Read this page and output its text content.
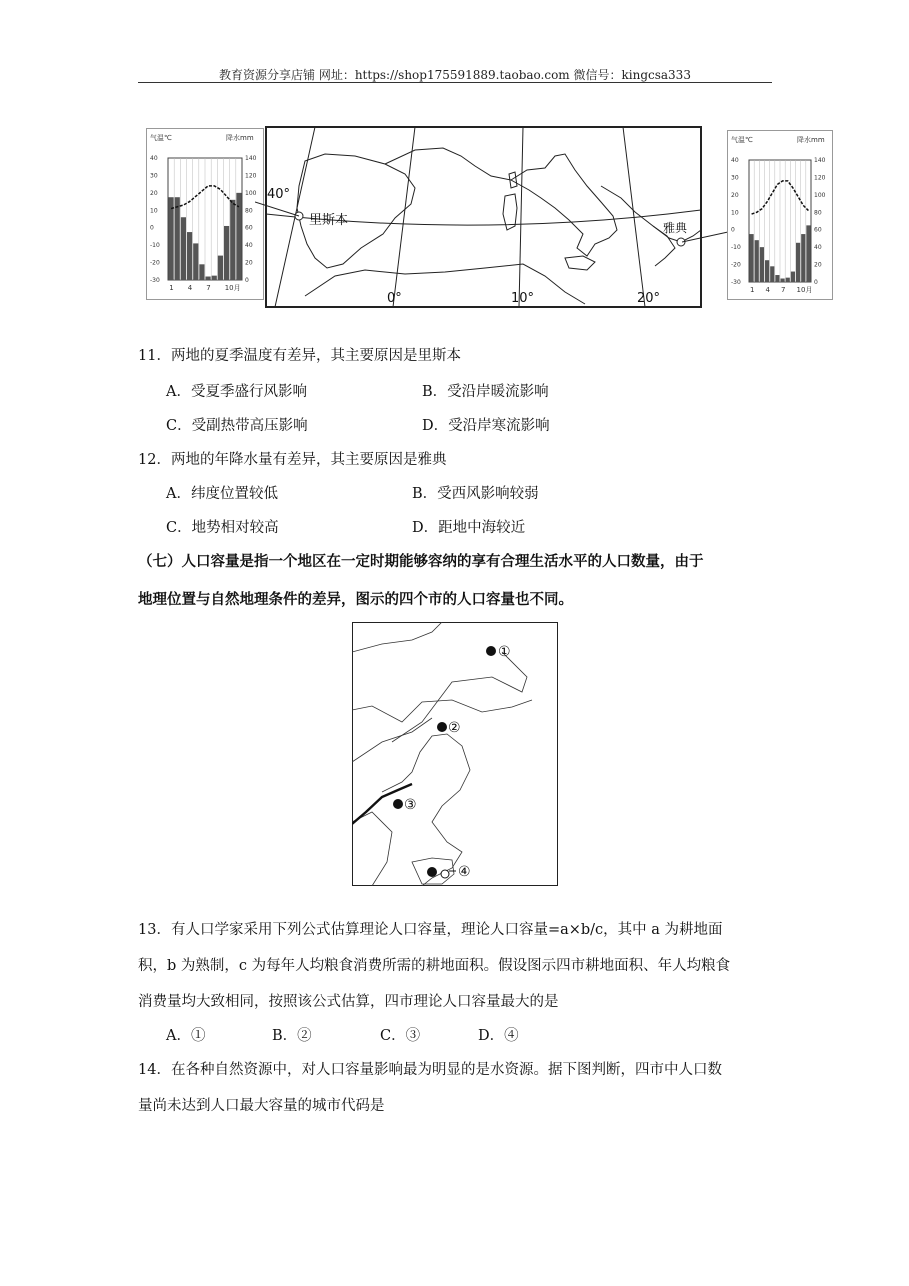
教育资源分享店铺 网址：https://shop175591889.taobao.com 微信号：kingcsa333
气温℃	降水mm
40
30
20
10
0
-10
-20
-30
140
120
100
80
60
40
20
0
1 4 7 10月
40°
里斯本	雅典
0°	10°	20°
气温℃	降水mm
40
30
20
10
0
-10
-20
-30
140
120
100
80
60
40
20
0
1 4 7 10月
11．两地的夏季温度有差异，其主要原因是里斯本
A．受夏季盛行风影响	B．受沿岸暖流影响
C．受副热带高压影响	D．受沿岸寒流影响
12．两地的年降水量有差异，其主要原因是雅典
A．纬度位置较低	B．受西风影响较弱
C．地势相对较高	D．距地中海较近
（七）人口容量是指一个地区在一定时期能够容纳的享有合理生活水平的人口数量，由于
地理位置与自然地理条件的差异，图示的四个市的人口容量也不同。
①
②
③
④
13．有人口学家采用下列公式估算理论人口容量，理论人口容量=a×b/c，其中 a 为耕地面
积，b 为熟制，c 为每年人均粮食消费所需的耕地面积。假设图示四市耕地面积、年人均粮食
消费量均大致相同，按照该公式估算，四市理论人口容量最大的是
A．①	B．②	C．③	D．④
14．在各种自然资源中，对人口容量影响最为明显的是水资源。据下图判断，四市中人口数
量尚未达到人口最大容量的城市代码是
